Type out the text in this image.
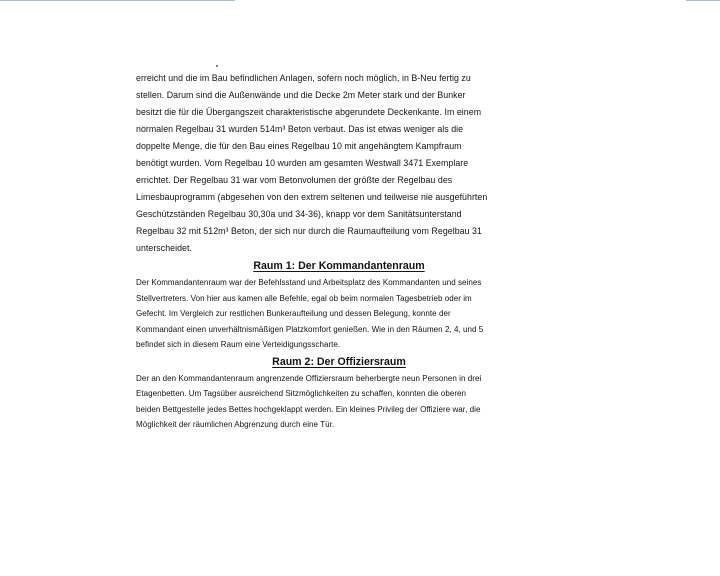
erreicht und die im Bau befindlichen Anlagen, sofern noch möglich, in B-Neu fertig zu
stellen. Darum sind die Außenwände und die Decke 2m Meter stark und der Bunker
besitzt die für die Übergangszeit charakteristische abgerundete Deckenkante. Im einem
normalen Regelbau 31 wurden 514m³ Beton verbaut. Das ist etwas weniger als die
doppelte Menge, die für den Bau eines Regelbau 10 mit angehängtem Kampfraum
benötigt wurden. Vom Regelbau 10 wurden am gesamten Westwall 3471 Exemplare
errichtet. Der Regelbau 31 war vom Betonvolumen der größte der Regelbau des
Limesbauprogramm (abgesehen von den extrem seltenen und teilweise nie ausgeführten
Geschützständen Regelbau 30,30a und 34-36), knapp vor dem Sanitätsunterstand
Regelbau 32 mit 512m³ Beton, der sich nur durch die Raumaufteilung vom Regelbau 31
unterscheidet.

Raum 1: Der Kommandantenraum

Der Kommandantenraum war der Befehlsstand und Arbeitsplatz des Kommandanten und seines
Stellvertreters. Von hier aus kamen alle Befehle, egal ob beim normalen Tagesbetrieb oder im
Gefecht. Im Vergleich zur restlichen Bunkeraufteilung und dessen Belegung, konnte der
Kommandant einen unverhältnismäßigen Platzkomfort genießen. Wie in den Räumen 2, 4, und 5
befindet sich in diesem Raum eine Verteidigungsscharte.

Raum 2: Der Offiziersraum

Der an den Kommandantenraum angrenzende Offiziersraum beherbergte neun Personen in drei
Etagenbetten. Um Tagsüber ausreichend Sitzmöglichkeiten zu schaffen, konnten die oberen
beiden Bettgestelle jedes Bettes hochgeklappt werden. Ein kleines Privileg der Offiziere war, die
Möglichkeit der räumlichen Abgrenzung durch eine Tür.
